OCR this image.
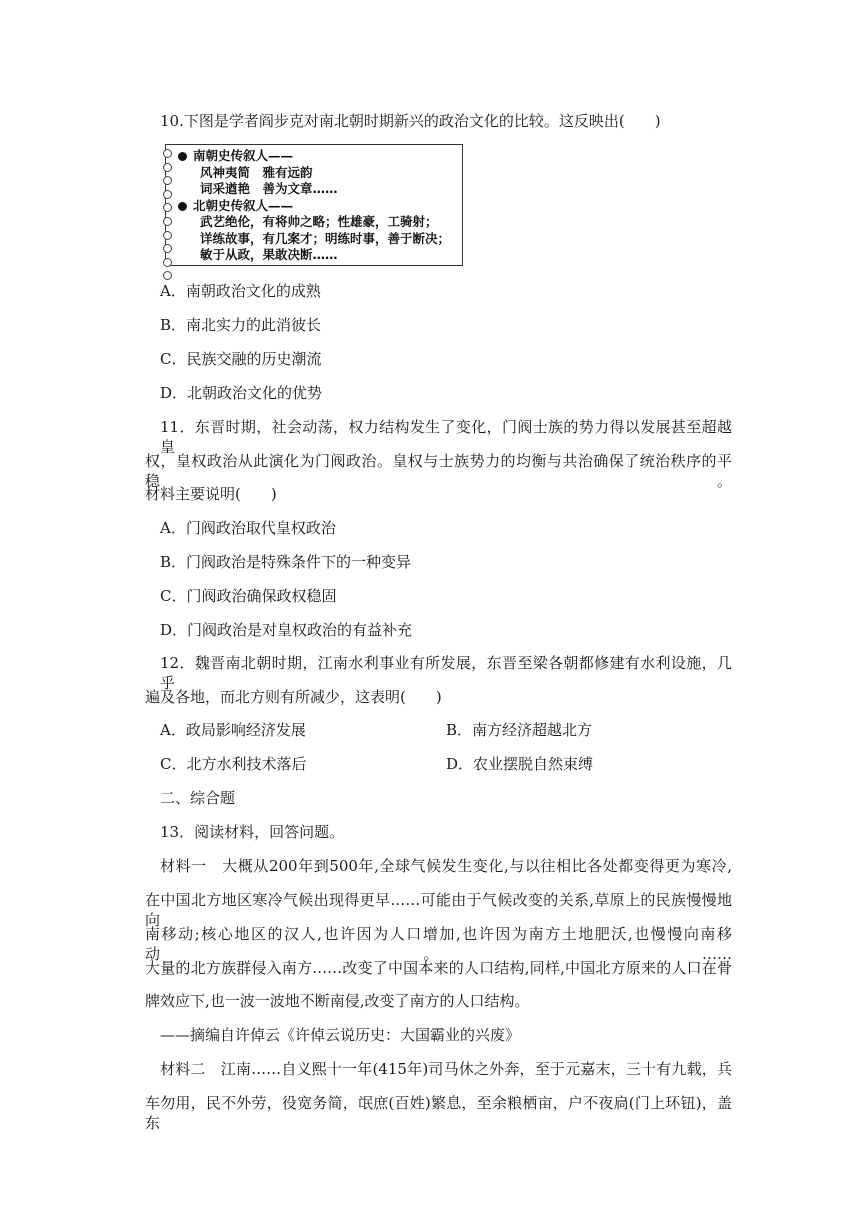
10.下图是学者阎步克对南北朝时期新兴的政治文化的比较。这反映出(　　)
南朝史传叙人——
风神夷简　雅有远韵
词采遒艳　善为文章……
北朝史传叙人——
武艺绝伦，有将帅之略；性雄豪，工骑射；
详练故事，有几案才；明练时事，善于断决；
敏于从政，果敢决断……
A．南朝政治文化的成熟
B．南北实力的此消彼长
C．民族交融的历史潮流
D．北朝政治文化的优势
11．东晋时期，社会动荡，权力结构发生了变化，门阀士族的势力得以发展甚至超越皇
权，皇权政治从此演化为门阀政治。皇权与士族势力的均衡与共治确保了统治秩序的平稳。
材料主要说明(　　)
A．门阀政治取代皇权政治
B．门阀政治是特殊条件下的一种变异
C．门阀政治确保政权稳固
D．门阀政治是对皇权政治的有益补充
12．魏晋南北朝时期，江南水利事业有所发展，东晋至梁各朝都修建有水利设施，几乎
遍及各地，而北方则有所减少，这表明(　　)
A．政局影响经济发展	B．南方经济超越北方
C．北方水利技术落后	D．农业摆脱自然束缚
二、综合题
13．阅读材料，回答问题。
材料一　大概从200年到500年,全球气候发生变化,与以往相比各处都变得更为寒冷,
在中国北方地区寒冷气候出现得更早……可能由于气候改变的关系,草原上的民族慢慢地向
南移动;核心地区的汉人,也许因为人口增加,也许因为南方土地肥沃,也慢慢向南移动。……
大量的北方族群侵入南方……改变了中国本来的人口结构,同样,中国北方原来的人口在骨
牌效应下,也一波一波地不断南侵,改变了南方的人口结构。
——摘编自许倬云《许倬云说历史：大国霸业的兴废》
材料二　江南……自义熙十一年(415年)司马休之外奔，至于元嘉末，三十有九载，兵
车勿用，民不外劳，役宽务简，氓庶(百姓)繁息，至余粮栖亩，户不夜扃(门上环钮)，盖东
